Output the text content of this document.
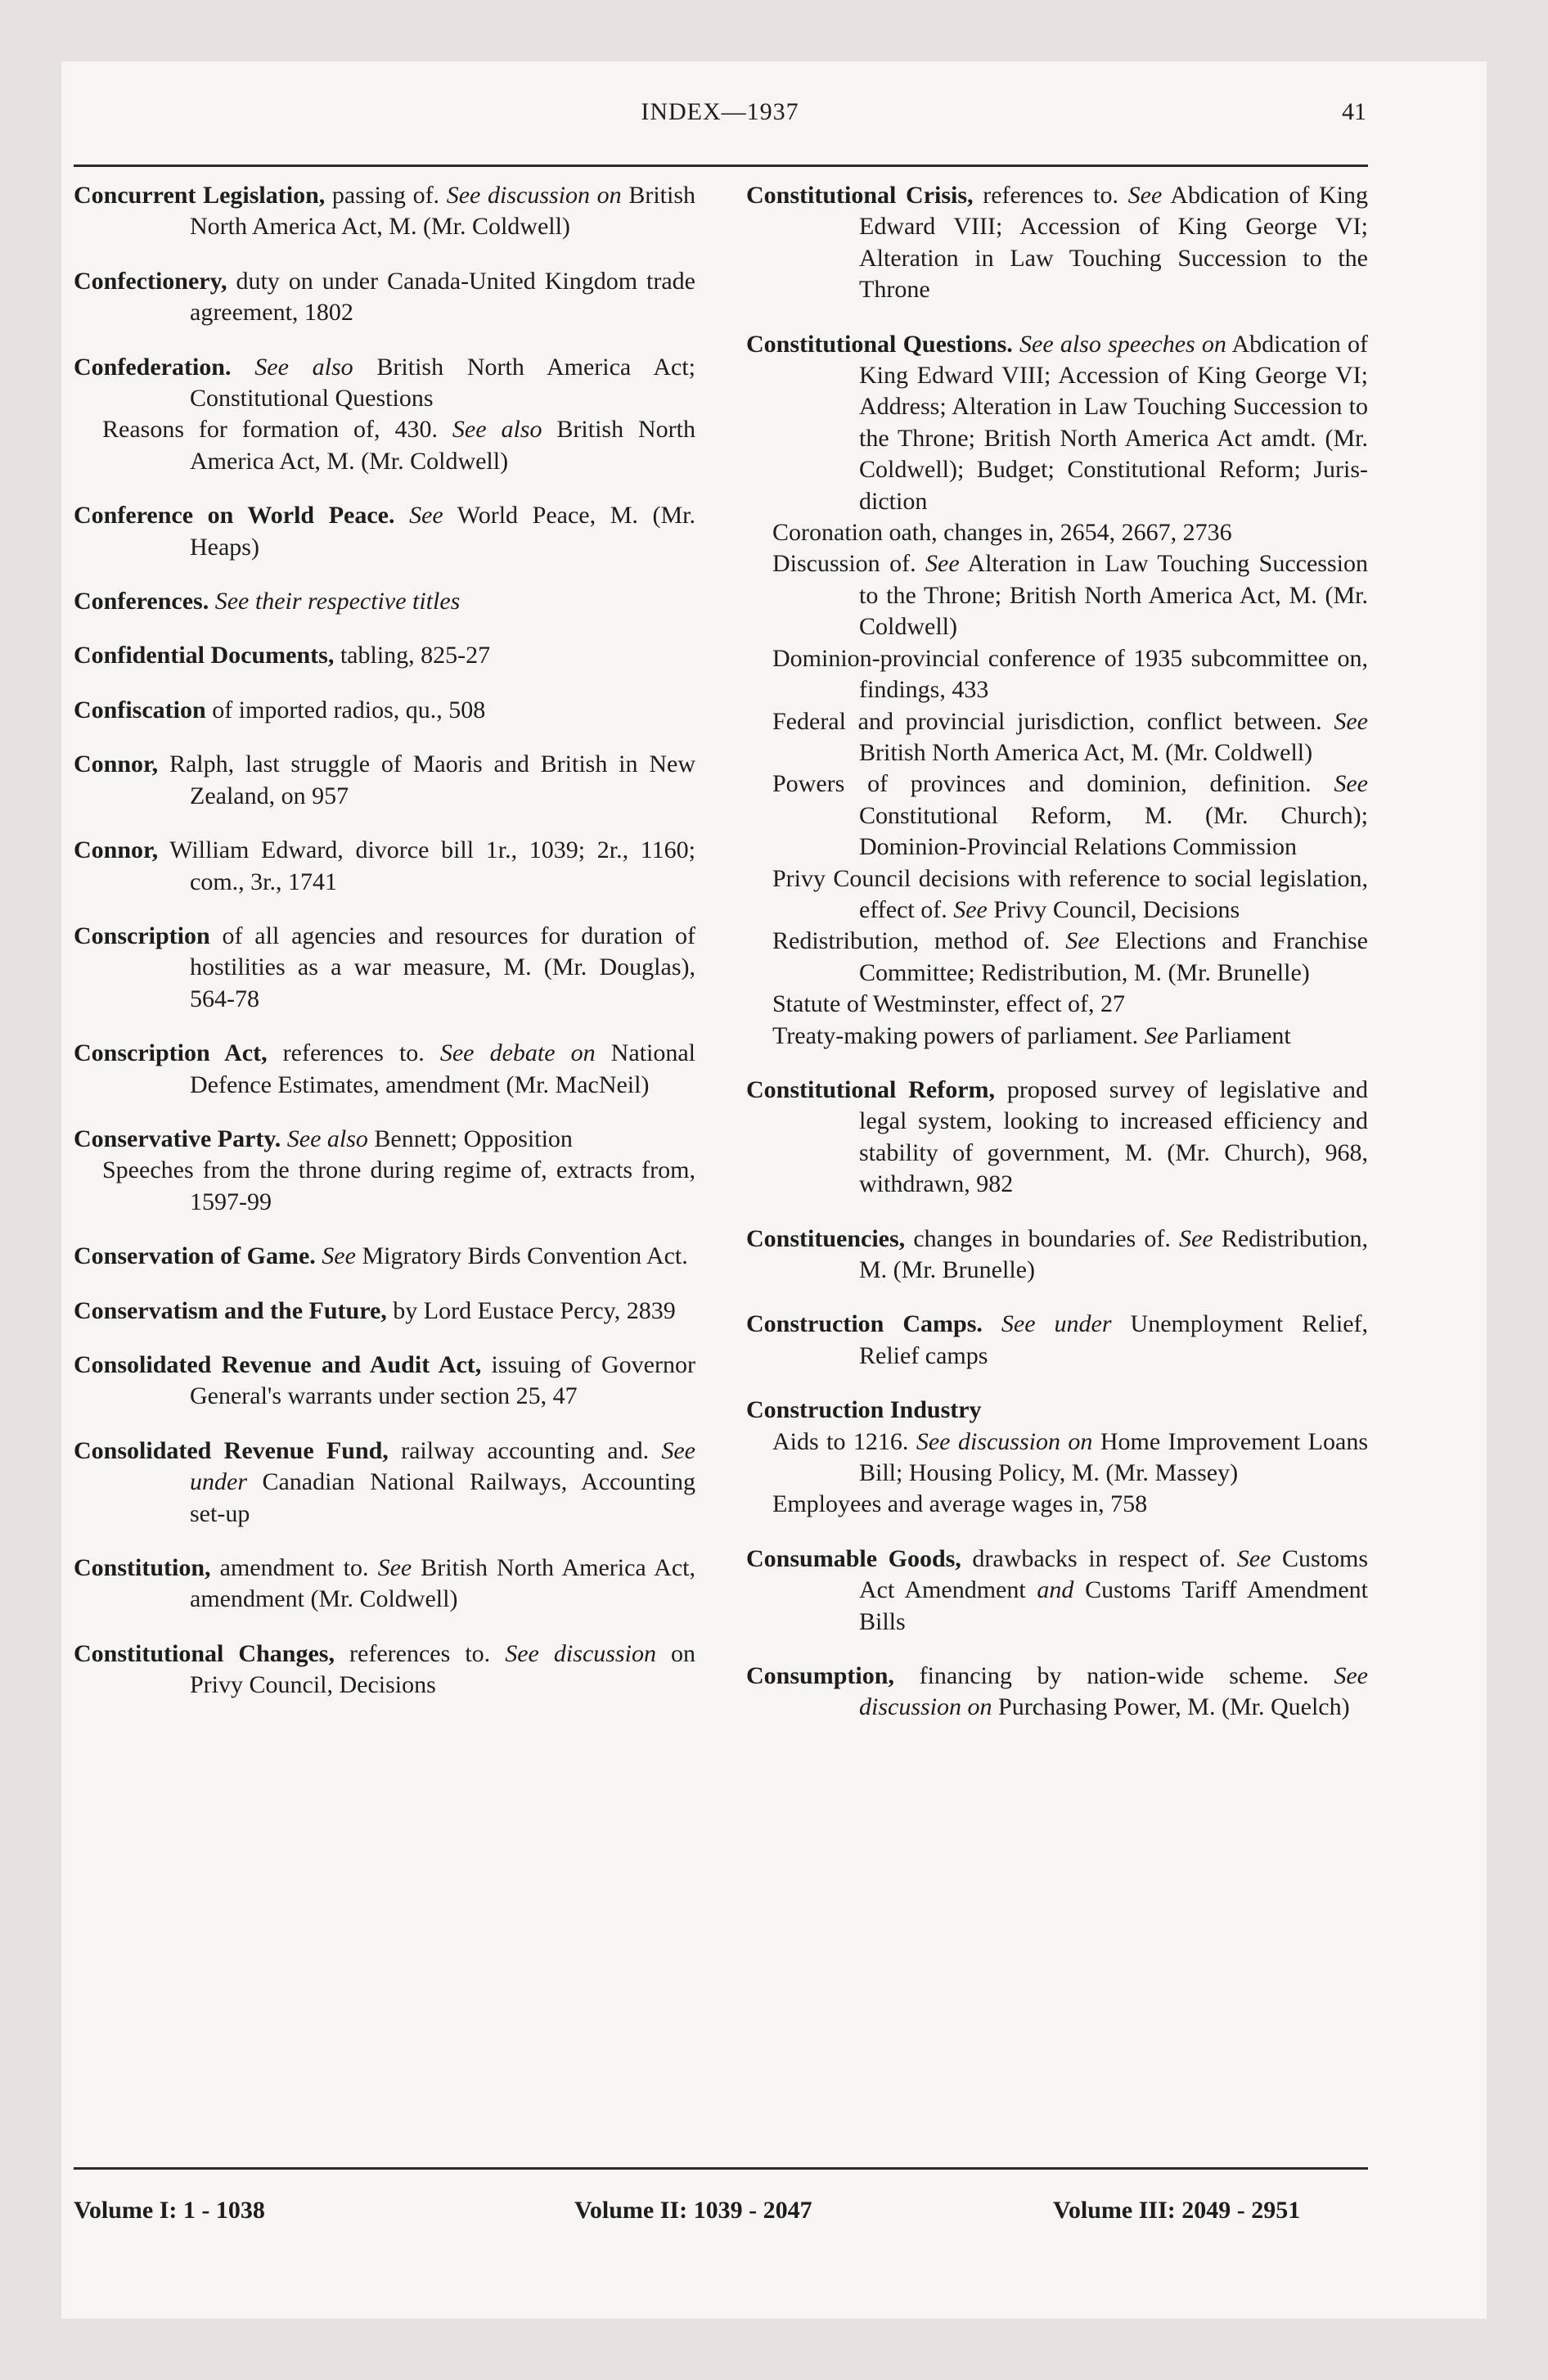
INDEX—1937	41
Concurrent Legislation, passing of. See discussion on British North America Act, M. (Mr. Coldwell)
Confectionery, duty on under Canada-United Kingdom trade agreement, 1802
Confederation. See also British North America Act; Constitutional Questions
Reasons for formation of, 430. See also British North America Act, M. (Mr. Coldwell)
Conference on World Peace. See World Peace, M. (Mr. Heaps)
Conferences. See their respective titles
Confidential Documents, tabling, 825-27
Confiscation of imported radios, qu., 508
Connor, Ralph, last struggle of Maoris and British in New Zealand, on 957
Connor, William Edward, divorce bill 1r., 1039; 2r., 1160; com., 3r., 1741
Conscription of all agencies and resources for duration of hostilities as a war measure, M. (Mr. Douglas), 564-78
Conscription Act, references to. See debate on National Defence Estimates, amendment (Mr. MacNeil)
Conservative Party. See also Bennett; Opposition
Speeches from the throne during regime of, extracts from, 1597-99
Conservation of Game. See Migratory Birds Convention Act.
Conservatism and the Future, by Lord Eustace Percy, 2839
Consolidated Revenue and Audit Act, issuing of Governor General's warrants under section 25, 47
Consolidated Revenue Fund, railway accounting and. See under Canadian National Railways, Accounting set-up
Constitution, amendment to. See British North America Act, amendment (Mr. Coldwell)
Constitutional Changes, references to. See discussion on Privy Council, Decisions
Constitutional Crisis, references to. See Abdication of King Edward VIII; Accession of King George VI; Alteration in Law Touching Succession to the Throne
Constitutional Questions. See also speeches on Abdication of King Edward VIII; Accession of King George VI; Address; Alteration in Law Touching Succession to the Throne; British North America Act amdt. (Mr. Coldwell); Budget; Constitutional Reform; Jurisdiction
Coronation oath, changes in, 2654, 2667, 2736
Discussion of. See Alteration in Law Touching Succession to the Throne; British North America Act, M. (Mr. Coldwell)
Dominion-provincial conference of 1935 subcommittee on, findings, 433
Federal and provincial jurisdiction, conflict between. See British North America Act, M. (Mr. Coldwell)
Powers of provinces and dominion, definition. See Constitutional Reform, M. (Mr. Church); Dominion-Provincial Relations Commission
Privy Council decisions with reference to social legislation, effect of. See Privy Council, Decisions
Redistribution, method of. See Elections and Franchise Committee; Redistribution, M. (Mr. Brunelle)
Statute of Westminster, effect of, 27
Treaty-making powers of parliament. See Parliament
Constitutional Reform, proposed survey of legislative and legal system, looking to increased efficiency and stability of government, M. (Mr. Church), 968, withdrawn, 982
Constituencies, changes in boundaries of. See Redistribution, M. (Mr. Brunelle)
Construction Camps. See under Unemployment Relief, Relief camps
Construction Industry
Aids to 1216. See discussion on Home Improvement Loans Bill; Housing Policy, M. (Mr. Massey)
Employees and average wages in, 758
Consumable Goods, drawbacks in respect of. See Customs Act Amendment and Customs Tariff Amendment Bills
Consumption, financing by nation-wide scheme. See discussion on Purchasing Power, M. (Mr. Quelch)
Volume I: 1 - 1038	Volume II: 1039 - 2047	Volume III: 2049 - 2951
